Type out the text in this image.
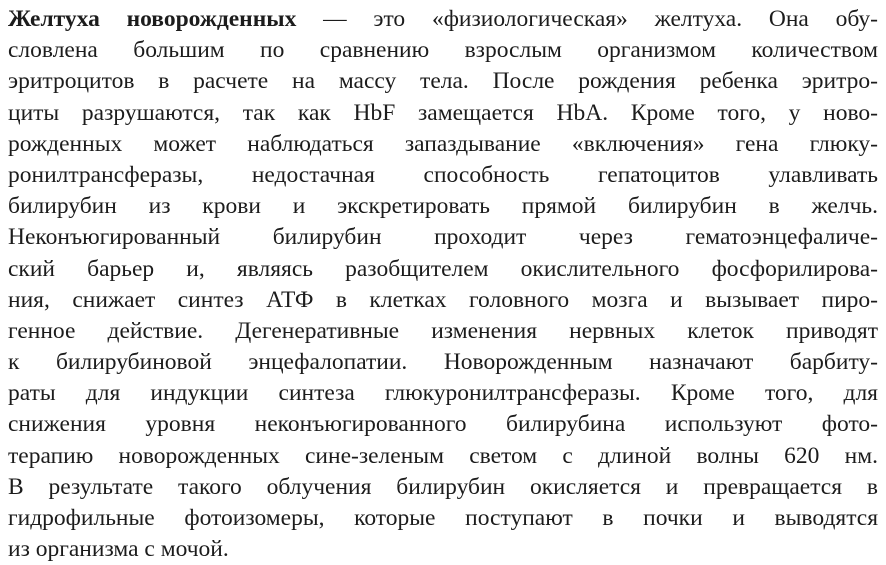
Желтуха новорожденных — это «физиологическая» желтуха. Она обу-
словлена большим по сравнению взрослым организмом количеством
эритроцитов в расчете на массу тела. После рождения ребенка эритро-
циты разрушаются, так как HbF замещается HbA. Кроме того, у ново-
рожденных может наблюдаться запаздывание «включения» гена глюку-
ронилтрансферазы, недостачная способность гепатоцитов улавливать
билирубин из крови и экскретировать прямой билирубин в желчь.
Неконъюгированный билирубин проходит через гематоэнцефаличе-
ский барьер и, являясь разобщителем окислительного фосфорилирова-
ния, снижает синтез АТФ в клетках головного мозга и вызывает пиро-
генное действие. Дегенеративные изменения нервных клеток приводят
к билирубиновой энцефалопатии. Новорожденным назначают барбиту-
раты для индукции синтеза глюкуронилтрансферазы. Кроме того, для
снижения уровня неконъюгированного билирубина используют фото-
терапию новорожденных сине-зеленым светом с длиной волны 620 нм.
В результате такого облучения билирубин окисляется и превращается в
гидрофильные фотоизомеры, которые поступают в почки и выводятся
из организма с мочой.
